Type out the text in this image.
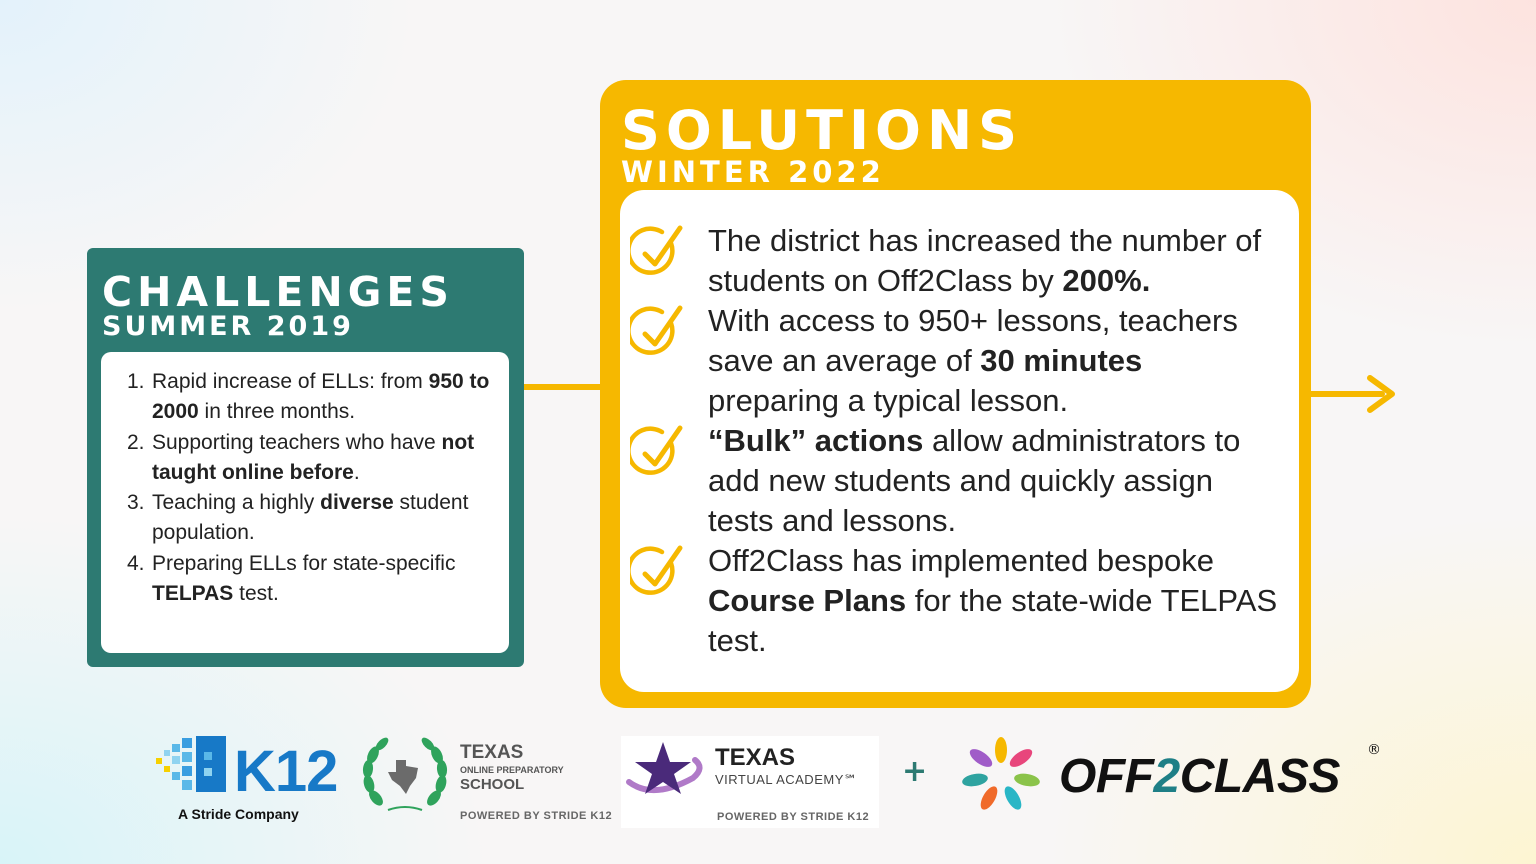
CHALLENGES
SUMMER 2019
1. Rapid increase of ELLs: from 950 to 2000 in three months.
2. Supporting teachers who have not taught online before.
3. Teaching a highly diverse student population.
4. Preparing ELLs for state-specific TELPAS test.
SOLUTIONS
WINTER 2022
The district has increased the number of students on Off2Class by 200%.
With access to 950+ lessons, teachers save an average of 30 minutes preparing a typical lesson.
“Bulk” actions allow administrators to add new students and quickly assign tests and lessons.
Off2Class has implemented bespoke Course Plans for the state-wide TELPAS test.
K12
A Stride Company
TEXAS
ONLINE PREPARATORY
SCHOOL
POWERED BY STRIDE K12
TEXAS
VIRTUAL ACADEMY℠
POWERED BY STRIDE K12
+	OFF2CLASS ®
